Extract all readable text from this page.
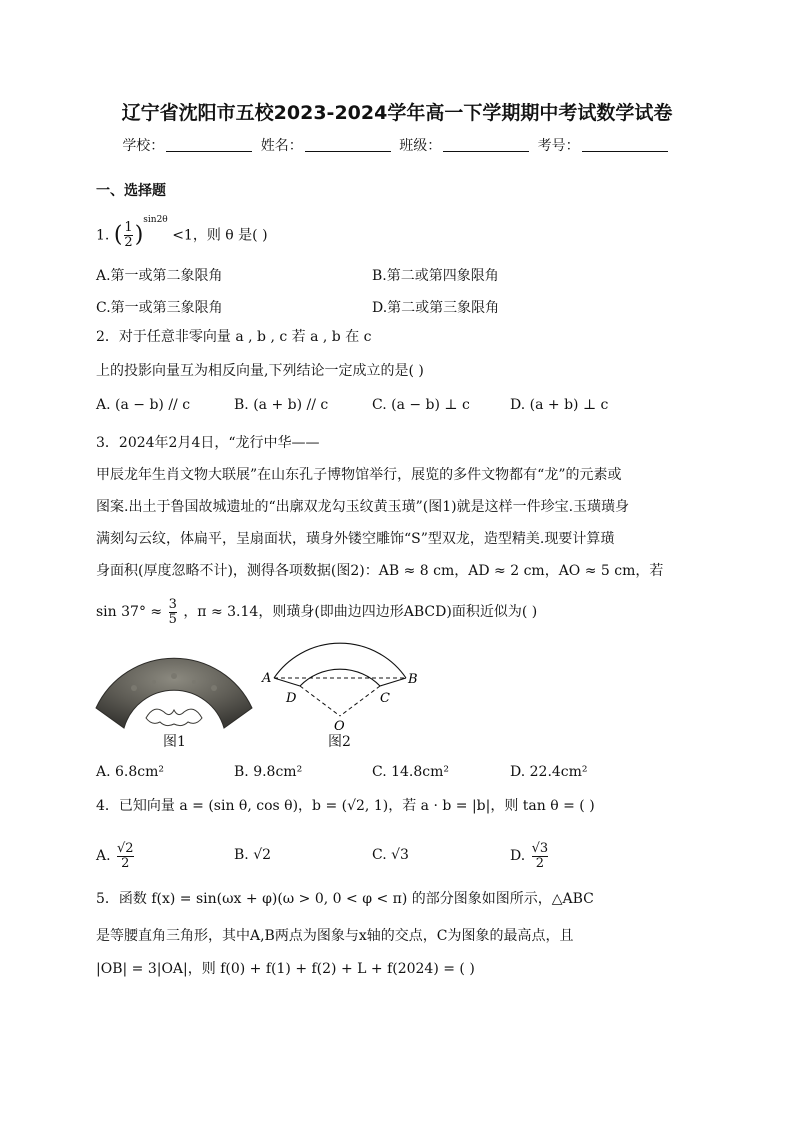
辽宁省沈阳市五校2023-2024学年高一下学期期中考试数学试卷
学校：	姓名：	班级：	考号：
一、选择题
1. ( $\frac{1}{2} )^{sin2\theta} <1$，则 θ 是( )
A.第一或第二象限角	B.第二或第四象限角
C.第一或第三象限角	D.第二或第三象限角
2．对于任意非零向量 a , b , c 若 a , b 在 c
上的投影向量互为相反向量,下列结论一定成立的是( )
A. (a − b) // c	B. (a + b) // c	C. (a − b) ⊥ c	D. (a + b) ⊥ c
3．2024年2月4日，“龙行中华——
甲辰龙年生肖文物大联展”在山东孔子博物馆举行，展览的多件文物都有“龙”的元素或
图案.出土于鲁国故城遗址的“出廓双龙勾玉纹黄玉璜”(图1)就是这样一件珍宝.玉璜璜身
满刻勾云纹，体扁平，呈扇面状，璜身外镂空雕饰“S”型双龙，造型精美.现要计算璜
身面积(厚度忽略不计)，测得各项数据(图2)：AB ≈ 8 cm，AD ≈ 2 cm，AO ≈ 5 cm，若
$\sin 37^\circ \approx \frac{3}{5}$ ，π ≈ 3.14，则璜身(即曲边四边形ABCD)面积近似为( )
图1
A	B
D	C
O
图2
A. 6.8cm²	B. 9.8cm²	C. 14.8cm²	D. 22.4cm²
4．已知向量 a = (sin θ, cos θ)，b = (√2, 1)，若 a · b = |b|，则 tan θ = ( )
A. $\frac{√2}{2}$	B. √2	C. √3	D. $\frac{√3}{2}$
5．函数 f(x) = sin(ωx + φ)(ω > 0, 0 < φ < π) 的部分图象如图所示，△ABC
是等腰直角三角形，其中A,B两点为图象与x轴的交点，C为图象的最高点，且
|OB| = 3|OA|，则 f(0) + f(1) + f(2) + L + f(2024) = ( )
